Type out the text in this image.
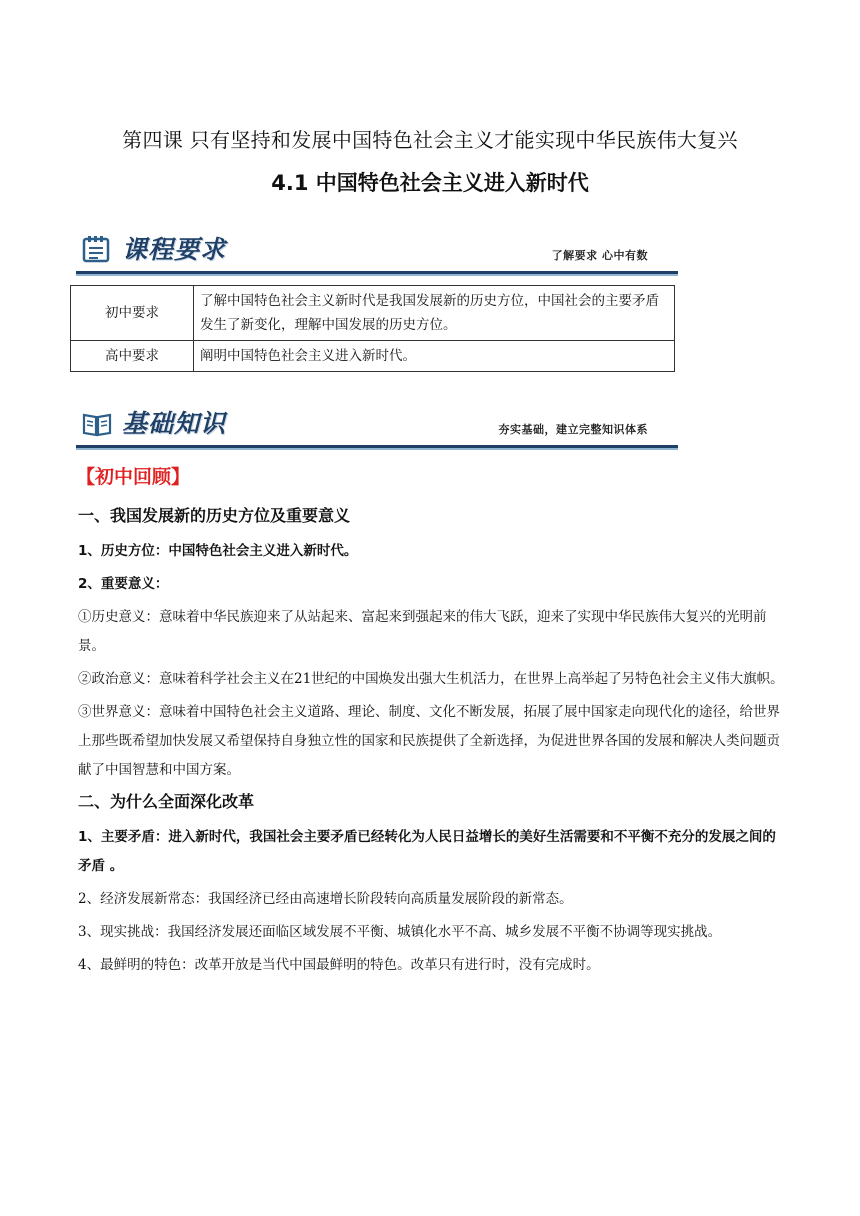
第四课 只有坚持和发展中国特色社会主义才能实现中华民族伟大复兴
4.1 中国特色社会主义进入新时代
课程要求	了解要求 心中有数
初中要求	了解中国特色社会主义新时代是我国发展新的历史方位，中国社会的主要矛盾发生了新变化，理解中国发展的历史方位。
高中要求	阐明中国特色社会主义进入新时代。
基础知识	夯实基础，建立完整知识体系
【初中回顾】
一、我国发展新的历史方位及重要意义
1、历史方位：中国特色社会主义进入新时代。
2、重要意义：
①历史意义：意味着中华民族迎来了从站起来、富起来到强起来的伟大飞跃，迎来了实现中华民族伟大复兴的光明前景。
②政治意义：意味着科学社会主义在21世纪的中国焕发出强大生机活力，在世界上高举起了另特色社会主义伟大旗帜。
③世界意义：意味着中国特色社会主义道路、理论、制度、文化不断发展，拓展了展中国家走向现代化的途径，给世界上那些既希望加快发展又希望保持自身独立性的国家和民族提供了全新选择，为促进世界各国的发展和解决人类问题贡献了中国智慧和中国方案。
二、为什么全面深化改革
1、主要矛盾：进入新时代，我国社会主要矛盾已经转化为人民日益增长的美好生活需要和不平衡不充分的发展之间的矛盾 。
2、经济发展新常态：我国经济已经由高速增长阶段转向高质量发展阶段的新常态。
3、现实挑战：我国经济发展还面临区域发展不平衡、城镇化水平不高、城乡发展不平衡不协调等现实挑战。
4、最鲜明的特色：改革开放是当代中国最鲜明的特色。改革只有进行时，没有完成时。
